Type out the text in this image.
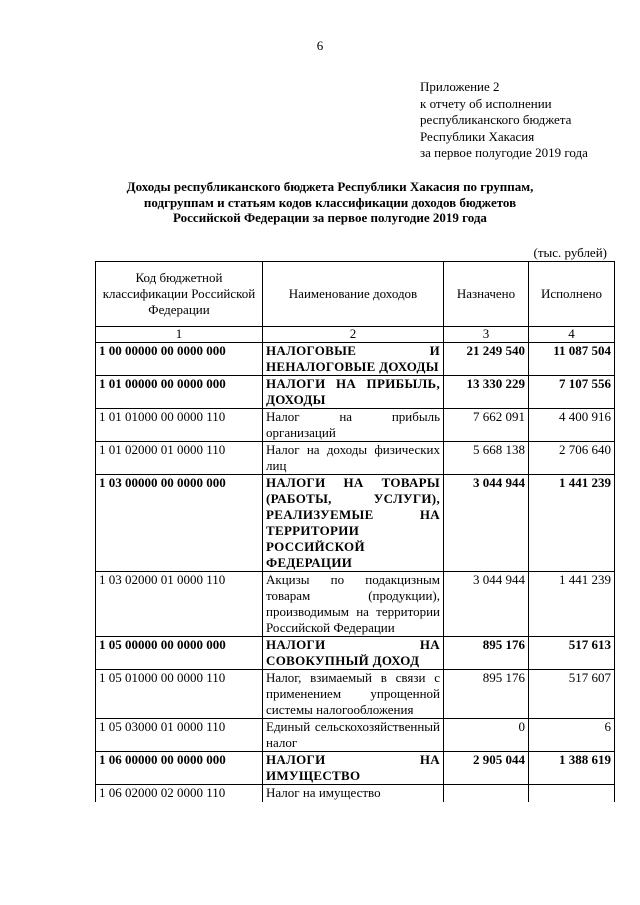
6
Приложение 2
к отчету об исполнении
республиканского бюджета
Республики Хакасия
за первое полугодие 2019 года
Доходы республиканского бюджета Республики Хакасия по группам,
подгруппам и статьям кодов классификации доходов бюджетов
Российской Федерации за первое полугодие 2019 года
(тыс. рублей)
Код бюджетной классификации Российской Федерации	Наименование доходов	Назначено	Исполнено
1	2	3	4
1 00 00000 00 0000 000	НАЛОГОВЫЕ И НЕНАЛОГОВЫЕ ДОХОДЫ	21 249 540	11 087 504
1 01 00000 00 0000 000	НАЛОГИ НА ПРИБЫЛЬ, ДОХОДЫ	13 330 229	7 107 556
1 01 01000 00 0000 110	Налог на прибыль организаций	7 662 091	4 400 916
1 01 02000 01 0000 110	Налог на доходы физических лиц	5 668 138	2 706 640
1 03 00000 00 0000 000	НАЛОГИ НА ТОВАРЫ (РАБОТЫ, УСЛУГИ), РЕАЛИЗУЕМЫЕ НА ТЕРРИТОРИИ РОССИЙСКОЙ ФЕДЕРАЦИИ	3 044 944	1 441 239
1 03 02000 01 0000 110	Акцизы по подакцизным товарам (продукции), производимым на территории Российской Федерации	3 044 944	1 441 239
1 05 00000 00 0000 000	НАЛОГИ НА СОВОКУПНЫЙ ДОХОД	895 176	517 613
1 05 01000 00 0000 110	Налог, взимаемый в связи с применением упрощенной системы налогообложения	895 176	517 607
1 05 03000 01 0000 110	Единый сельскохозяйственный налог	0	6
1 06 00000 00 0000 000	НАЛОГИ НА ИМУЩЕСТВО	2 905 044	1 388 619
1 06 02000 02 0000 110	Налог на имущество		
